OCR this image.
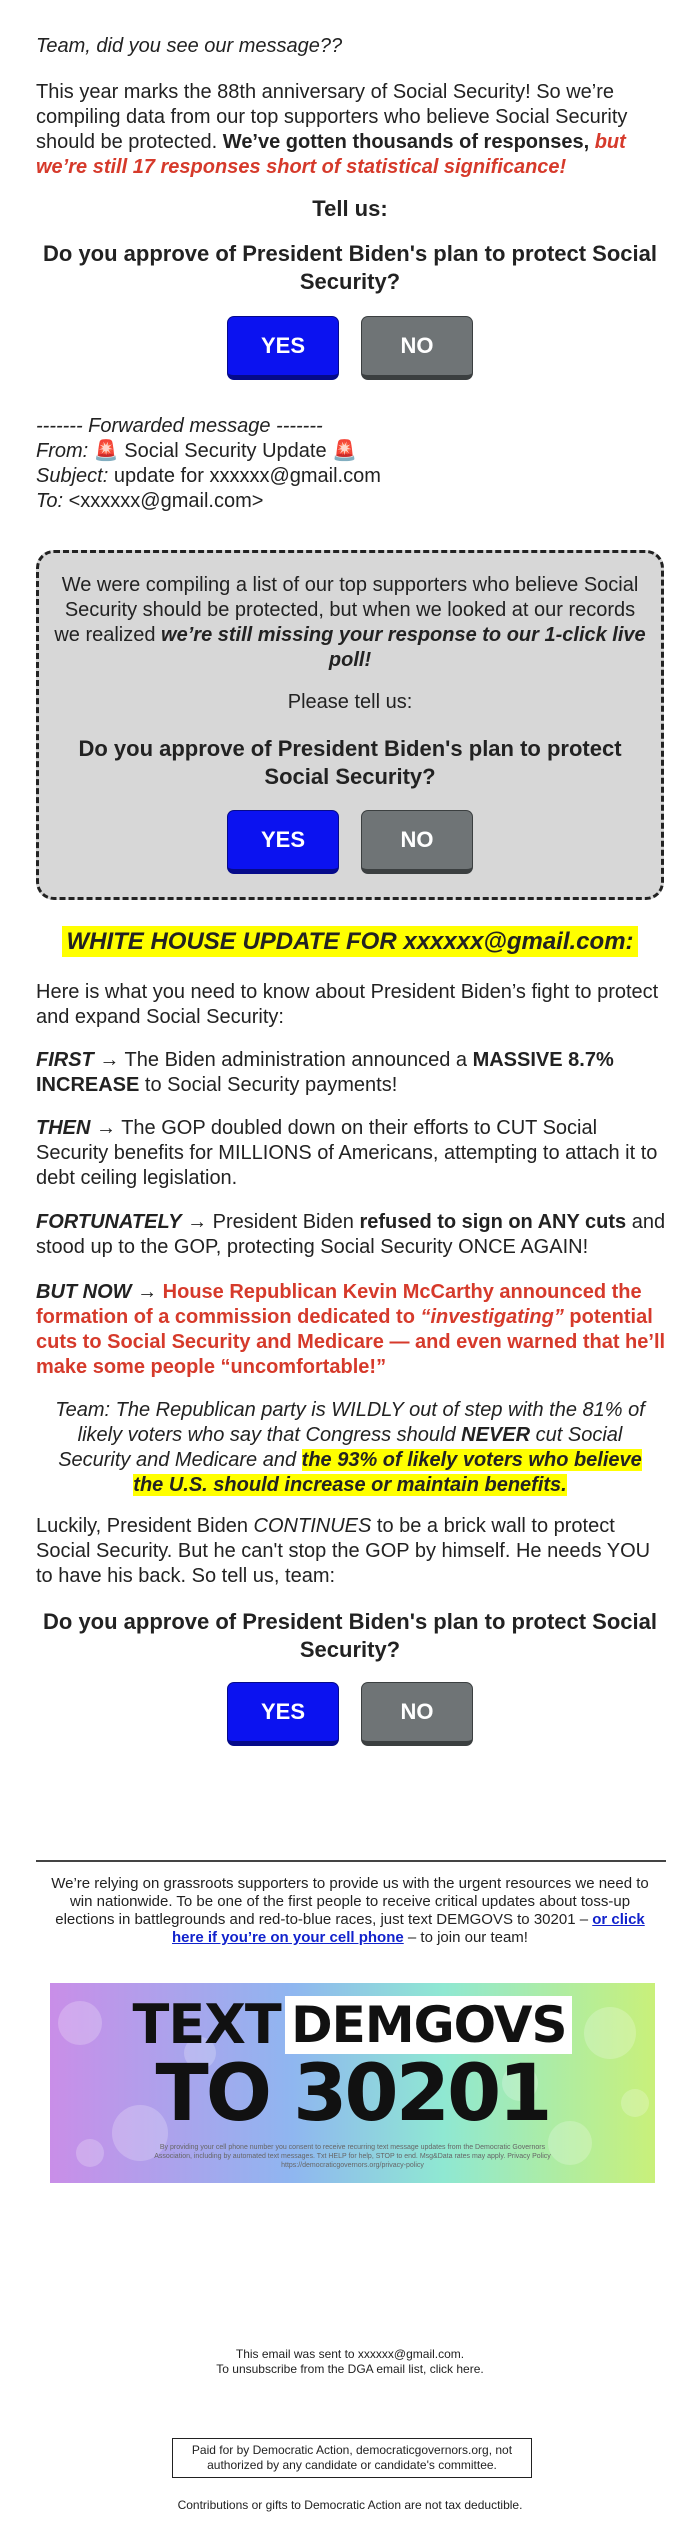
Team, did you see our message??

This year marks the 88th anniversary of Social Security! So we’re compiling data from our top supporters who believe Social Security should be protected. We’ve gotten thousands of responses, but we’re still 17 responses short of statistical significance!

Tell us:
Do you approve of President Biden's plan to protect Social Security?
YES	NO

------- Forwarded message -------

From: 🚨 Social Security Update 🚨

Subject: update for xxxxxx@gmail.com

To: <xxxxxx@gmail.com>

We were compiling a list of our top supporters who believe Social Security should be protected, but when we looked at our records we realized we’re still missing your response to our 1-click live poll!

Please tell us:

Do you approve of President Biden's plan to protect Social Security?
YES	NO
WHITE HOUSE UPDATE FOR xxxxxx@gmail.com:

Here is what you need to know about President Biden’s fight to protect and expand Social Security:

FIRST → The Biden administration announced a MASSIVE 8.7% INCREASE to Social Security payments!

THEN → The GOP doubled down on their efforts to CUT Social Security benefits for MILLIONS of Americans, attempting to attach it to debt ceiling legislation.

FORTUNATELY → President Biden refused to sign on ANY cuts and stood up to the GOP, protecting Social Security ONCE AGAIN!

BUT NOW → House Republican Kevin McCarthy announced the formation of a commission dedicated to “investigating” potential cuts to Social Security and Medicare — and even warned that he’ll make some people “uncomfortable!”

Team: The Republican party is WILDLY out of step with the 81% of likely voters who say that Congress should NEVER cut Social Security and Medicare and the 93% of likely voters who believe the U.S. should increase or maintain benefits.

Luckily, President Biden CONTINUES to be a brick wall to protect Social Security. But he can't stop the GOP by himself. He needs YOU to have his back. So tell us, team:

Do you approve of President Biden's plan to protect Social Security?
YES	NO

We’re relying on grassroots supporters to provide us with the urgent resources we need to win nationwide. To be one of the first people to receive critical updates about toss-up elections in battlegrounds and red-to-blue races, just text DEMGOVS to 30201 – or click here if you’re on your cell phone – to join our team!

TEXT DEMGOVS
TO 30201

By providing your cell phone number you consent to receive recurring text message updates from the Democratic Governors Association, including by automated text messages. Txt HELP for help, STOP to end. Msg&Data rates may apply. Privacy Policy https://democraticgovernors.org/privacy-policy

This email was sent to xxxxxx@gmail.com.

To unsubscribe from the DGA email list, click here.

Paid for by Democratic Action, democraticgovernors.org, not authorized by any candidate or candidate's committee.

Contributions or gifts to Democratic Action are not tax deductible.
